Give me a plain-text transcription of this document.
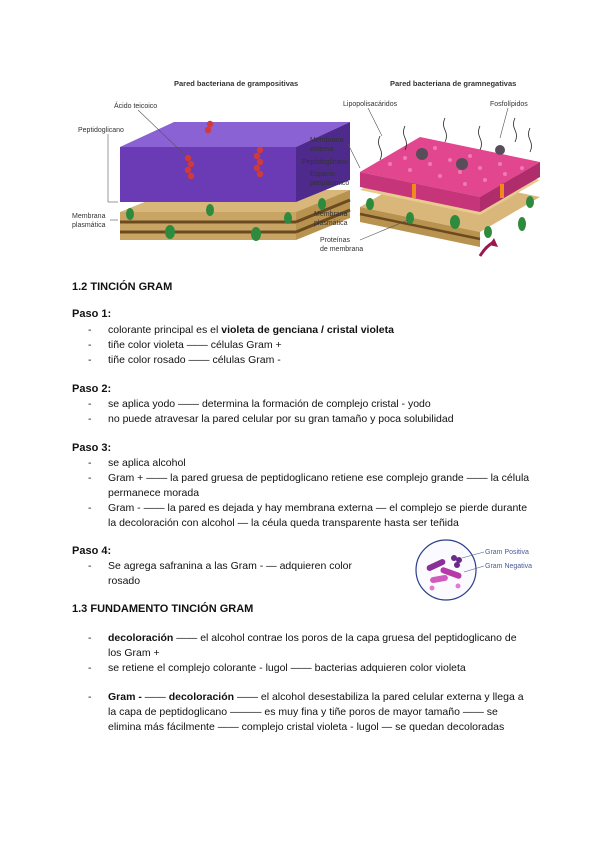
Pared bacteriana de grampositivas	Pared bacteriana de gramnegativas
Ácido teicoico
Peptidoglicano
Membrana
plasmática
Lipopolisacáridos	Fosfolípidos
Membrana
externa
Peptidoglicano
Espacio
periplásmico
Membrana
plasmática
Proteínas
de membrana

1.2 TINCIÓN GRAM

Paso 1:

- colorante principal es el violeta de genciana / cristal violeta
- tiñe color violeta —— células Gram +
- tiñe color rosado —— células Gram -

Paso 2:

- se aplica yodo —— determina la formación de complejo cristal - yodo
- no puede atravesar la pared celular por su gran tamaño y poca solubilidad

Paso 3:

- se aplica alcohol
- Gram + —— la pared gruesa de peptidoglicano retiene ese complejo grande —— la célula permanece morada
- Gram - —— la pared es dejada y hay membrana externa — el complejo se pierde durante la decoloración con alcohol — la céula queda transparente hasta ser teñida

Paso 4:

- Se agrega safranina a las Gram - — adquieren color rosado
Gram Positiva
Gram Negativa

1.3 FUNDAMENTO TINCIÓN GRAM

- decoloración —— el alcohol contrae los poros de la capa gruesa del peptidoglicano de los Gram +
- se retiene el complejo colorante - lugol —— bacterias adquieren color violeta
- Gram - —— decoloración —— el alcohol desestabiliza la pared celular externa y llega a la capa de peptidoglicano ——— es muy fina y tiñe poros de mayor tamaño —— se elimina más fácilmente —— complejo cristal violeta - lugol — se quedan decoloradas
